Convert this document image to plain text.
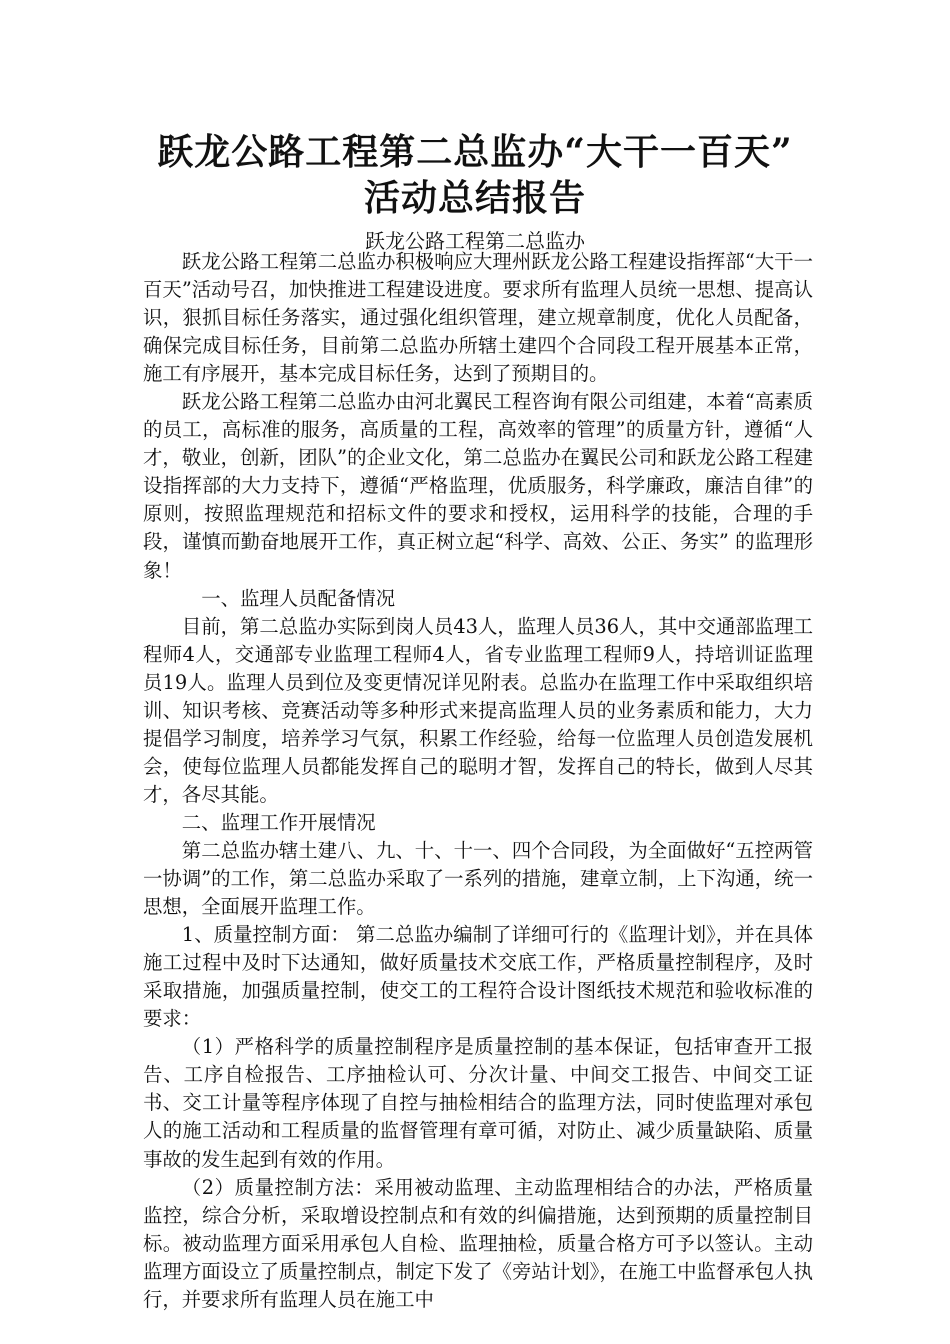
跃龙公路工程第二总监办“大干一百天”
活动总结报告
跃龙公路工程第二总监办

跃龙公路工程第二总监办积极响应大理州跃龙公路工程建设指挥部“大干一百天”活动号召，加快推进工程建设进度。要求所有监理人员统一思想、提高认识，狠抓目标任务落实，通过强化组织管理，建立规章制度，优化人员配备，确保完成目标任务，目前第二总监办所辖土建四个合同段工程开展基本正常，施工有序展开，基本完成目标任务，达到了预期目的。

跃龙公路工程第二总监办由河北翼民工程咨询有限公司组建，本着“高素质的员工，高标准的服务，高质量的工程，高效率的管理”的质量方针，遵循“人才，敬业，创新，团队”的企业文化，第二总监办在翼民公司和跃龙公路工程建设指挥部的大力支持下，遵循“严格监理，优质服务，科学廉政，廉洁自律”的原则，按照监理规范和招标文件的要求和授权，运用科学的技能，合理的手段，谨慎而勤奋地展开工作，真正树立起“科学、高效、公正、务实” 的监理形象！

一、监理人员配备情况

目前，第二总监办实际到岗人员43人，监理人员36人，其中交通部监理工程师4人，交通部专业监理工程师4人，省专业监理工程师9人，持培训证监理员19人。监理人员到位及变更情况详见附表。总监办在监理工作中采取组织培训、知识考核、竞赛活动等多种形式来提高监理人员的业务素质和能力，大力提倡学习制度，培养学习气氛，积累工作经验，给每一位监理人员创造发展机会，使每位监理人员都能发挥自己的聪明才智，发挥自己的特长，做到人尽其才，各尽其能。

二、监理工作开展情况

第二总监办辖土建八、九、十、十一、四个合同段，为全面做好“五控两管一协调”的工作，第二总监办采取了一系列的措施，建章立制，上下沟通，统一思想，全面展开监理工作。

1、质量控制方面： 第二总监办编制了详细可行的《监理计划》，并在具体施工过程中及时下达通知，做好质量技术交底工作，严格质量控制程序，及时采取措施，加强质量控制，使交工的工程符合设计图纸技术规范和验收标准的要求：

（1）严格科学的质量控制程序是质量控制的基本保证，包括审查开工报告、工序自检报告、工序抽检认可、分次计量、中间交工报告、中间交工证书、交工计量等程序体现了自控与抽检相结合的监理方法，同时使监理对承包人的施工活动和工程质量的监督管理有章可循，对防止、减少质量缺陷、质量事故的发生起到有效的作用。

（2）质量控制方法：采用被动监理、主动监理相结合的办法，严格质量监控，综合分析，采取增设控制点和有效的纠偏措施，达到预期的质量控制目标。被动监理方面采用承包人自检、监理抽检，质量合格方可予以签认。主动监理方面设立了质量控制点，制定下发了《旁站计划》，在施工中监督承包人执行，并要求所有监理人员在施工中
